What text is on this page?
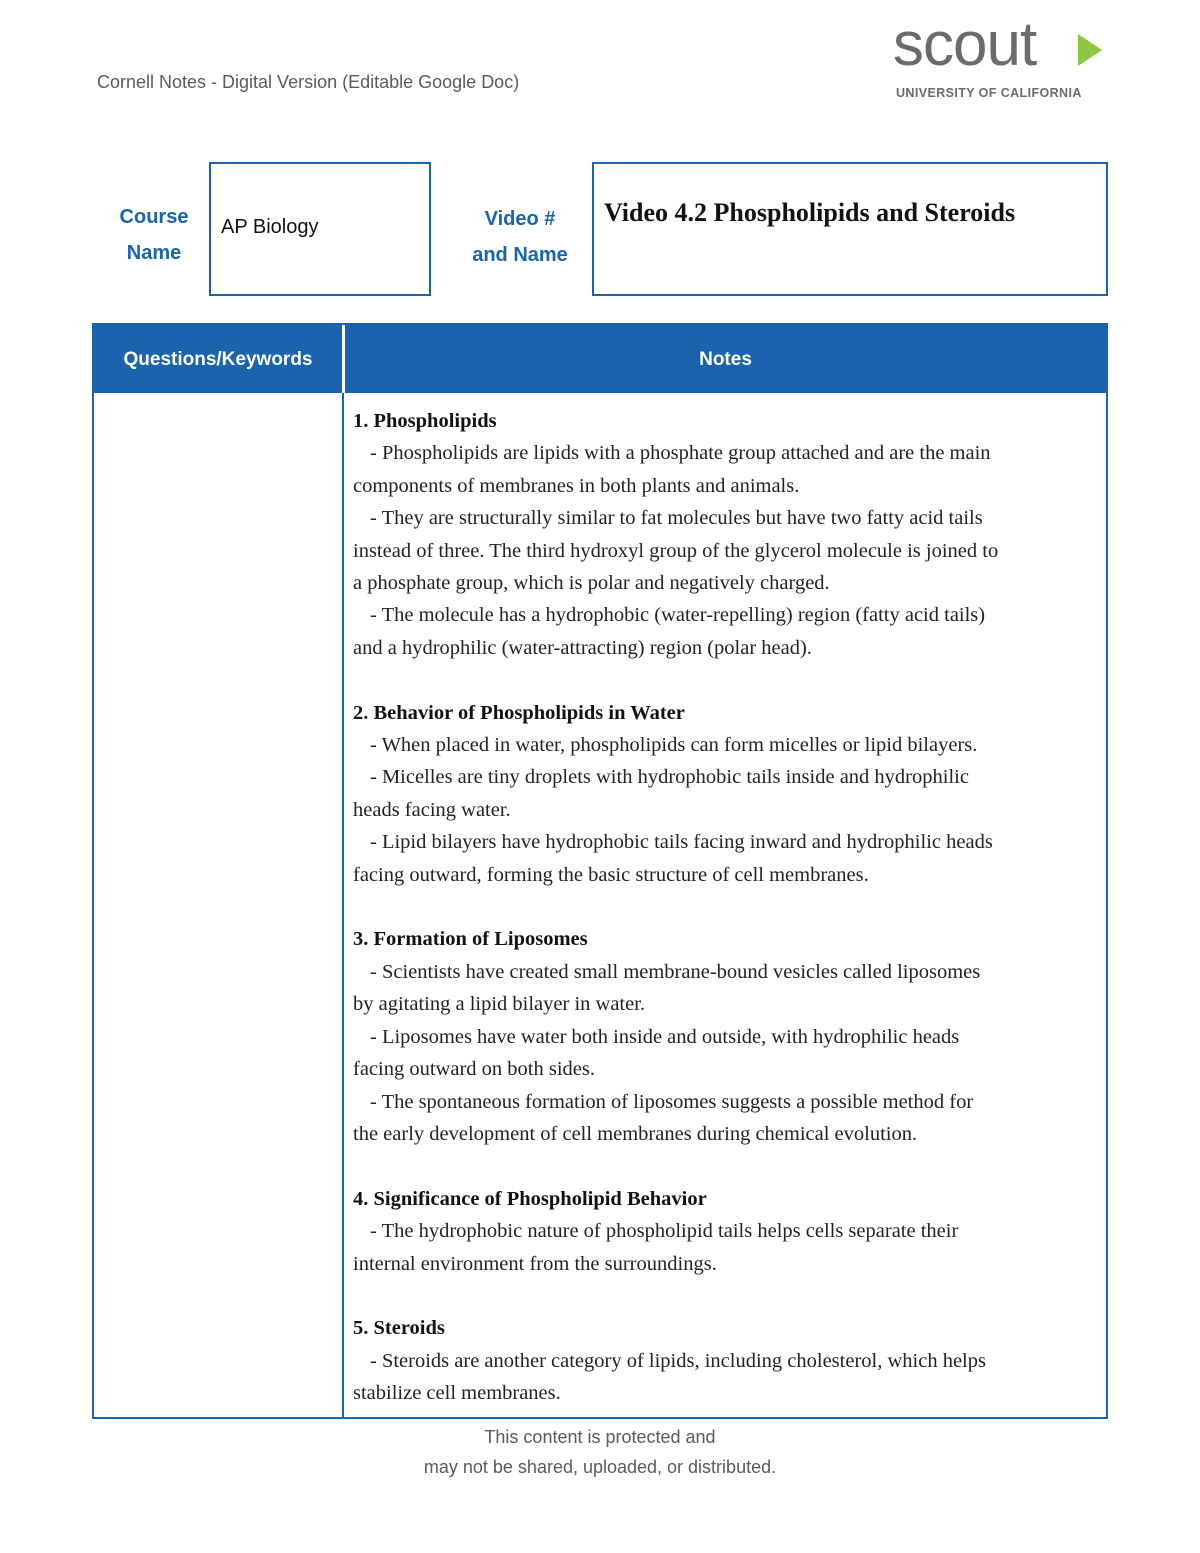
Cornell Notes - Digital Version (Editable Google Doc)
scout
UNIVERSITY OF CALIFORNIA
Course
Name
AP Biology	Video #
and Name
Video 4.2 Phospholipids and Steroids
Questions/Keywords	Notes
1. Phospholipids
- Phospholipids are lipids with a phosphate group attached and are the main
components of membranes in both plants and animals.
- They are structurally similar to fat molecules but have two fatty acid tails
instead of three. The third hydroxyl group of the glycerol molecule is joined to
a phosphate group, which is polar and negatively charged.
- The molecule has a hydrophobic (water-repelling) region (fatty acid tails)
and a hydrophilic (water-attracting) region (polar head).
2. Behavior of Phospholipids in Water
- When placed in water, phospholipids can form micelles or lipid bilayers.
- Micelles are tiny droplets with hydrophobic tails inside and hydrophilic
heads facing water.
- Lipid bilayers have hydrophobic tails facing inward and hydrophilic heads
facing outward, forming the basic structure of cell membranes.
3. Formation of Liposomes
- Scientists have created small membrane-bound vesicles called liposomes
by agitating a lipid bilayer in water.
- Liposomes have water both inside and outside, with hydrophilic heads
facing outward on both sides.
- The spontaneous formation of liposomes suggests a possible method for
the early development of cell membranes during chemical evolution.
4. Significance of Phospholipid Behavior
- The hydrophobic nature of phospholipid tails helps cells separate their
internal environment from the surroundings.
5. Steroids
- Steroids are another category of lipids, including cholesterol, which helps
stabilize cell membranes.
This content is protected and
may not be shared, uploaded, or distributed.
